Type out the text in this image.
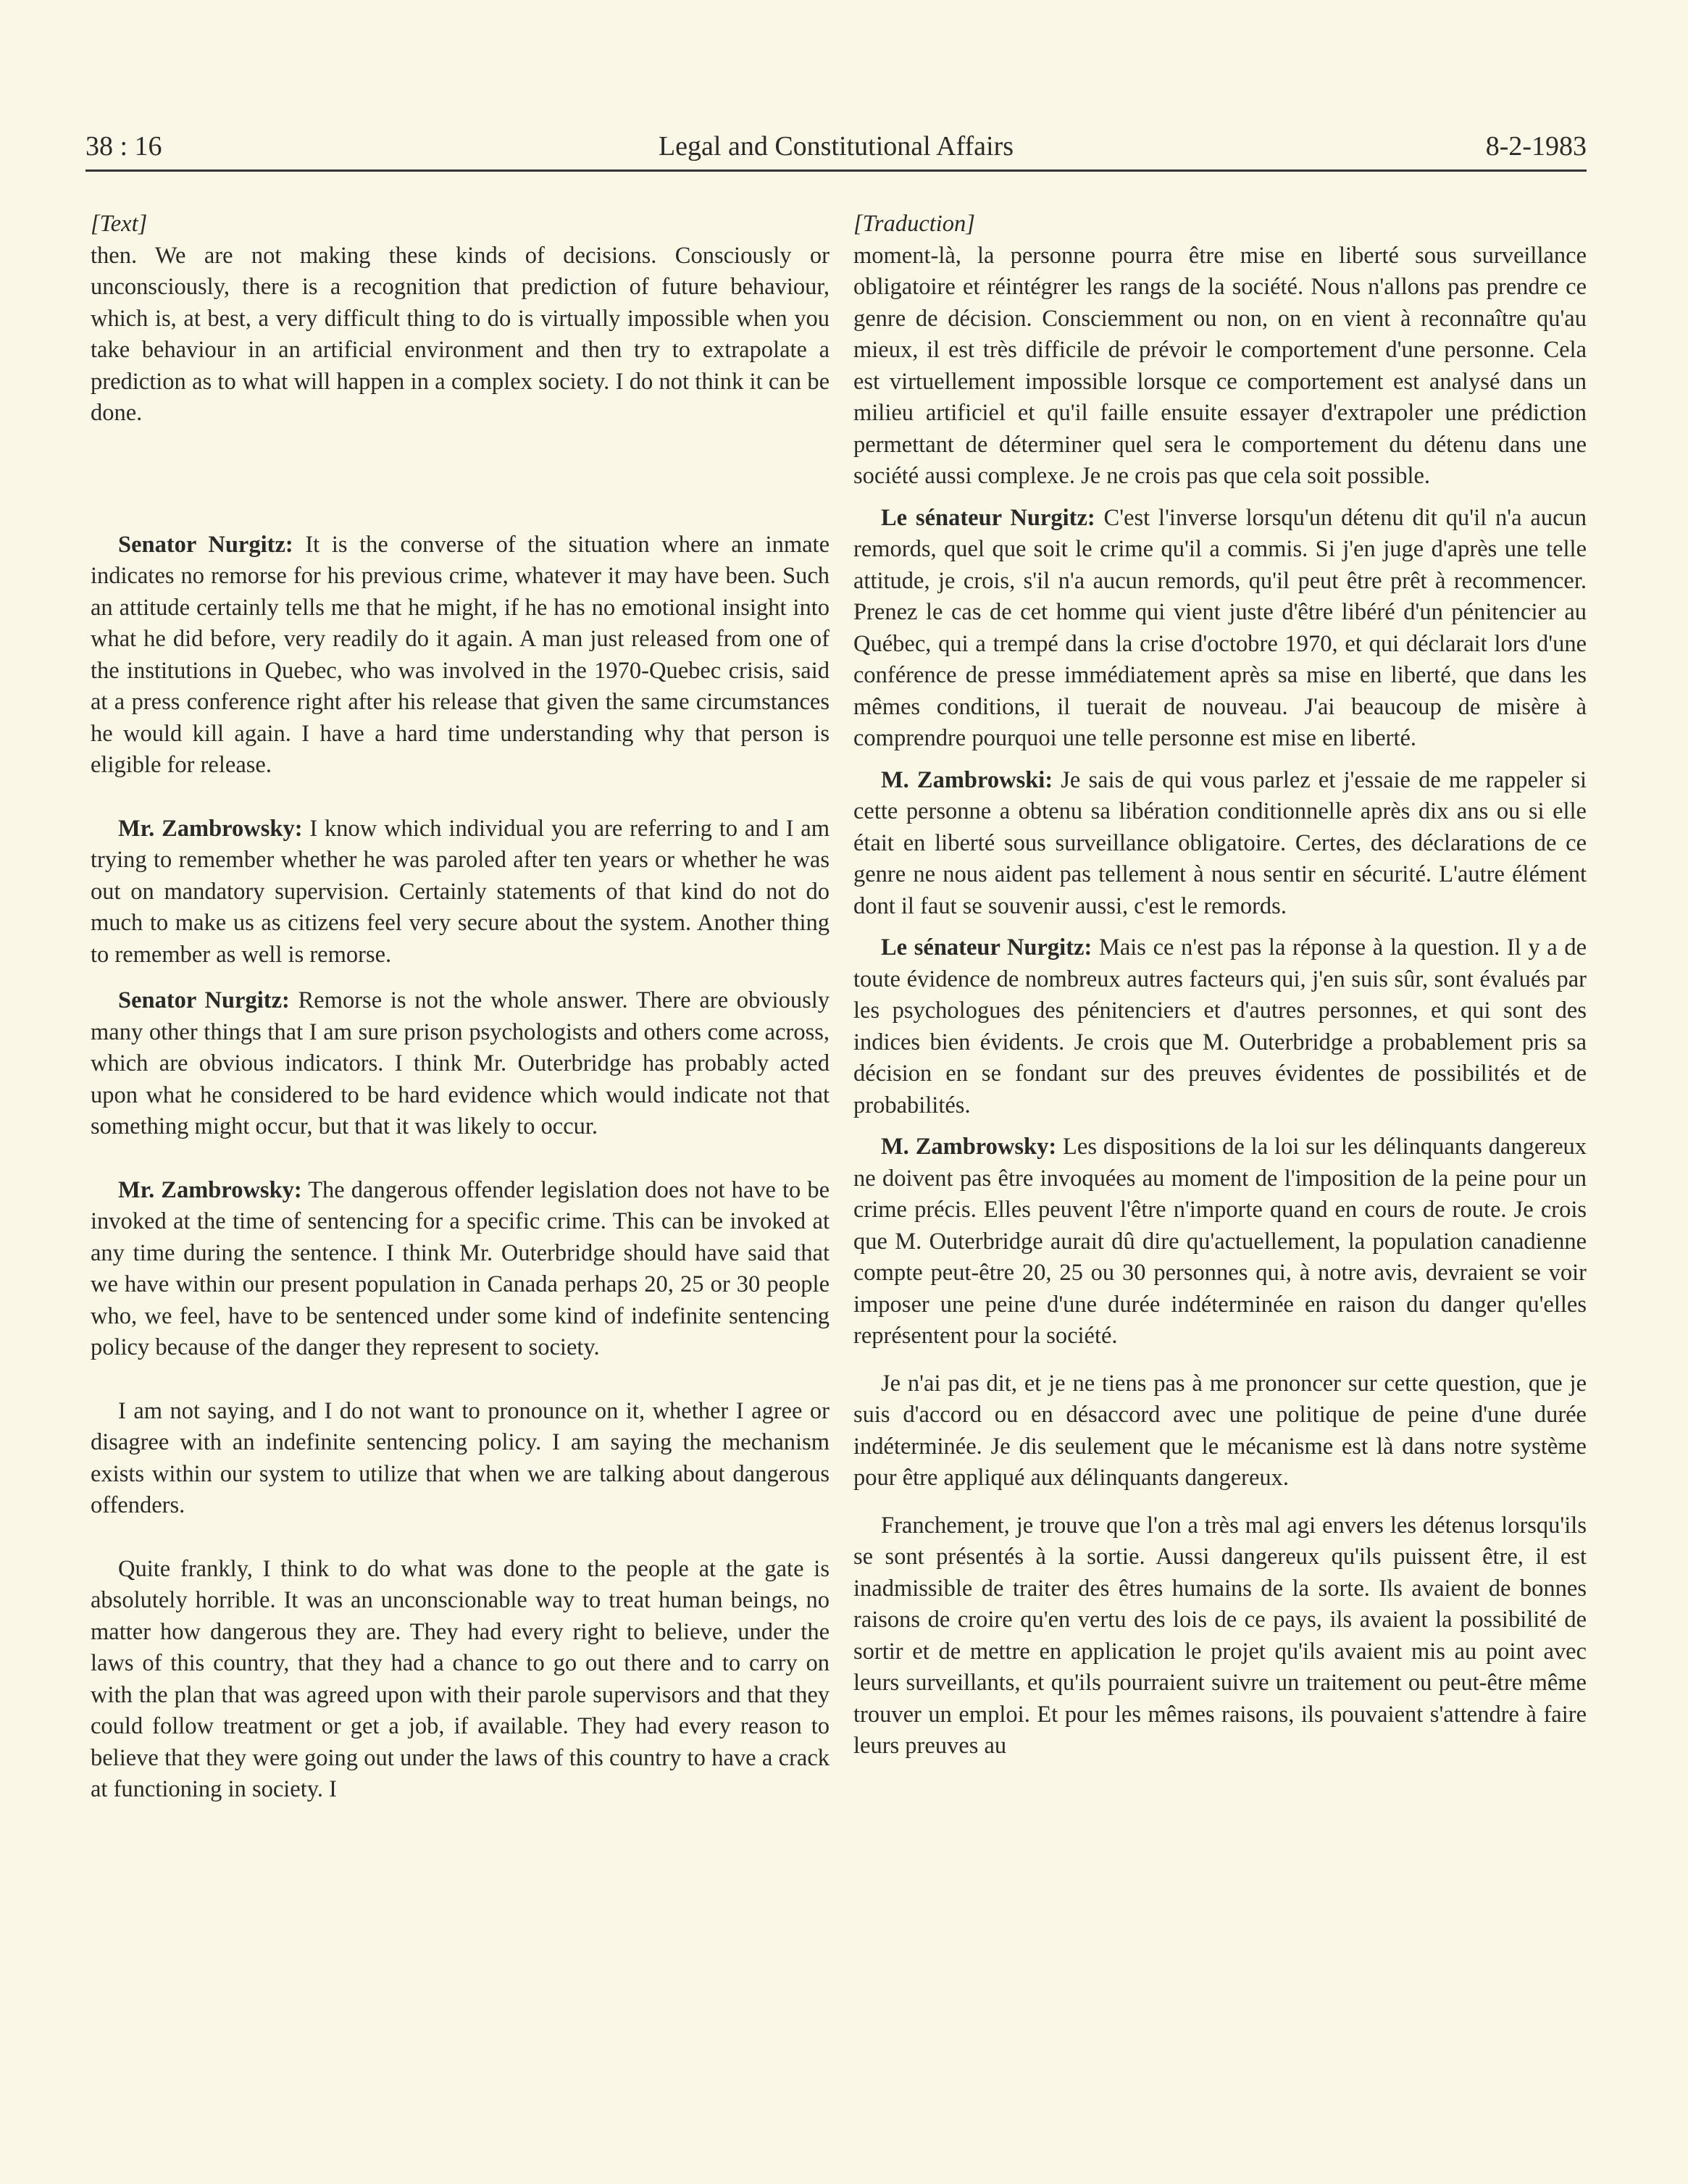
38 : 16	Legal and Constitutional Affairs	8-2-1983

[Text]

then. We are not making these kinds of decisions. Consciously or unconsciously, there is a recognition that prediction of future behaviour, which is, at best, a very difficult thing to do is virtually impossible when you take behaviour in an artificial environment and then try to extrapolate a prediction as to what will happen in a complex society. I do not think it can be done.

Senator Nurgitz: It is the converse of the situation where an inmate indicates no remorse for his previous crime, whatever it may have been. Such an attitude certainly tells me that he might, if he has no emotional insight into what he did before, very readily do it again. A man just released from one of the institutions in Quebec, who was involved in the 1970-Quebec crisis, said at a press conference right after his release that given the same circumstances he would kill again. I have a hard time understanding why that person is eligible for release.

Mr. Zambrowsky: I know which individual you are referring to and I am trying to remember whether he was paroled after ten years or whether he was out on mandatory supervision. Certainly statements of that kind do not do much to make us as citizens feel very secure about the system. Another thing to remember as well is remorse.

Senator Nurgitz: Remorse is not the whole answer. There are obviously many other things that I am sure prison psychologists and others come across, which are obvious indicators. I think Mr. Outerbridge has probably acted upon what he considered to be hard evidence which would indicate not that something might occur, but that it was likely to occur.

Mr. Zambrowsky: The dangerous offender legislation does not have to be invoked at the time of sentencing for a specific crime. This can be invoked at any time during the sentence. I think Mr. Outerbridge should have said that we have within our present population in Canada perhaps 20, 25 or 30 people who, we feel, have to be sentenced under some kind of indefinite sentencing policy because of the danger they represent to society.

I am not saying, and I do not want to pronounce on it, whether I agree or disagree with an indefinite sentencing policy. I am saying the mechanism exists within our system to utilize that when we are talking about dangerous offenders.

Quite frankly, I think to do what was done to the people at the gate is absolutely horrible. It was an unconscionable way to treat human beings, no matter how dangerous they are. They had every right to believe, under the laws of this country, that they had a chance to go out there and to carry on with the plan that was agreed upon with their parole supervisors and that they could follow treatment or get a job, if available. They had every reason to believe that they were going out under the laws of this country to have a crack at functioning in society. I

[Traduction]

moment-là, la personne pourra être mise en liberté sous surveillance obligatoire et réintégrer les rangs de la société. Nous n'allons pas prendre ce genre de décision. Consciemment ou non, on en vient à reconnaître qu'au mieux, il est très difficile de prévoir le comportement d'une personne. Cela est virtuellement impossible lorsque ce comportement est analysé dans un milieu artificiel et qu'il faille ensuite essayer d'extrapoler une prédiction permettant de déterminer quel sera le comportement du détenu dans une société aussi complexe. Je ne crois pas que cela soit possible.

Le sénateur Nurgitz: C'est l'inverse lorsqu'un détenu dit qu'il n'a aucun remords, quel que soit le crime qu'il a commis. Si j'en juge d'après une telle attitude, je crois, s'il n'a aucun remords, qu'il peut être prêt à recommencer. Prenez le cas de cet homme qui vient juste d'être libéré d'un pénitencier au Québec, qui a trempé dans la crise d'octobre 1970, et qui déclarait lors d'une conférence de presse immédiatement après sa mise en liberté, que dans les mêmes conditions, il tuerait de nouveau. J'ai beaucoup de misère à comprendre pourquoi une telle personne est mise en liberté.

M. Zambrowski: Je sais de qui vous parlez et j'essaie de me rappeler si cette personne a obtenu sa libération conditionnelle après dix ans ou si elle était en liberté sous surveillance obligatoire. Certes, des déclarations de ce genre ne nous aident pas tellement à nous sentir en sécurité. L'autre élément dont il faut se souvenir aussi, c'est le remords.

Le sénateur Nurgitz: Mais ce n'est pas la réponse à la question. Il y a de toute évidence de nombreux autres facteurs qui, j'en suis sûr, sont évalués par les psychologues des pénitenciers et d'autres personnes, et qui sont des indices bien évidents. Je crois que M. Outerbridge a probablement pris sa décision en se fondant sur des preuves évidentes de possibilités et de probabilités.

M. Zambrowsky: Les dispositions de la loi sur les délinquants dangereux ne doivent pas être invoquées au moment de l'imposition de la peine pour un crime précis. Elles peuvent l'être n'importe quand en cours de route. Je crois que M. Outerbridge aurait dû dire qu'actuellement, la population canadienne compte peut-être 20, 25 ou 30 personnes qui, à notre avis, devraient se voir imposer une peine d'une durée indéterminée en raison du danger qu'elles représentent pour la société.

Je n'ai pas dit, et je ne tiens pas à me prononcer sur cette question, que je suis d'accord ou en désaccord avec une politique de peine d'une durée indéterminée. Je dis seulement que le mécanisme est là dans notre système pour être appliqué aux délinquants dangereux.

Franchement, je trouve que l'on a très mal agi envers les détenus lorsqu'ils se sont présentés à la sortie. Aussi dangereux qu'ils puissent être, il est inadmissible de traiter des êtres humains de la sorte. Ils avaient de bonnes raisons de croire qu'en vertu des lois de ce pays, ils avaient la possibilité de sortir et de mettre en application le projet qu'ils avaient mis au point avec leurs surveillants, et qu'ils pourraient suivre un traitement ou peut-être même trouver un emploi. Et pour les mêmes raisons, ils pouvaient s'attendre à faire leurs preuves au
